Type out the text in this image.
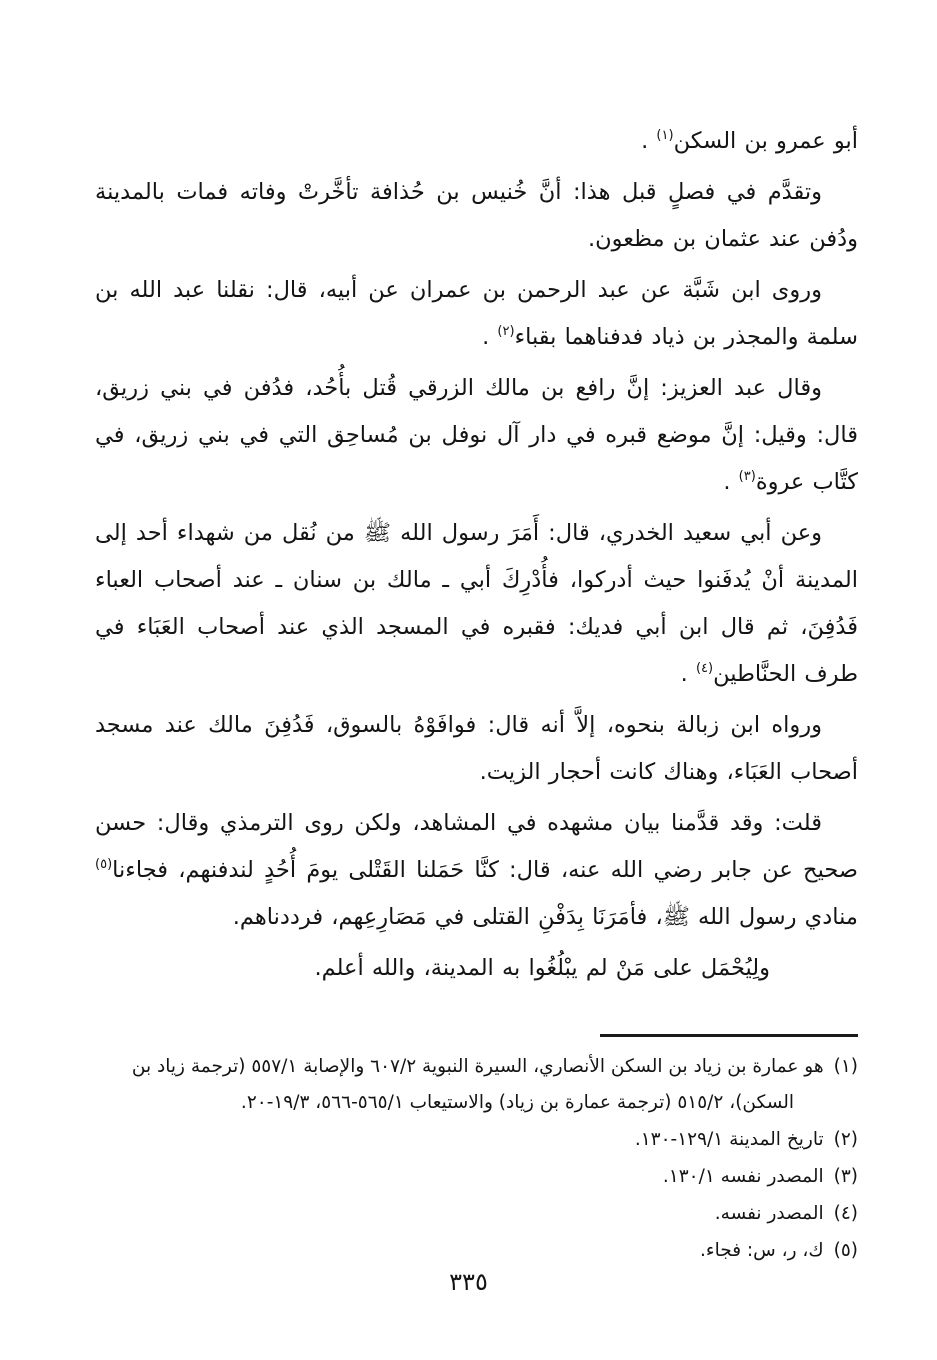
أبو عمرو بن السكن$^{(١)}$ .

وتقدَّم في فصلٍ قبل هذا: أنَّ خُنيس بن حُذافة تأخَّرتْ وفاته فمات بالمدينة ودُفن عند عثمان بن مظعون.

وروى ابن شَبَّة عن عبد الرحمن بن عمران عن أبيه، قال: نقلنا عبد الله بن سلمة والمجذر بن ذياد فدفناهما بقباء$^{(٢)}$ .

وقال عبد العزيز: إنَّ رافع بن مالك الزرقي قُتل بأُحُد، فدُفن في بني زريق، قال: وقيل: إنَّ موضع قبره في دار آل نوفل بن مُساحِق التي في بني زريق، في كتَّاب عروة$^{(٣)}$ .

وعن أبي سعيد الخدري، قال: أَمَرَ رسول الله ﷺ من نُقل من شهداء أحد إلى المدينة أنْ يُدفَنوا حيث أدركوا، فأُدْرِكَ أبي ـ مالك بن سنان ـ عند أصحاب العباء فَدُفِنَ، ثم قال ابن أبي فديك: فقبره في المسجد الذي عند أصحاب العَبَاء في طرف الحنَّاطين$^{(٤)}$ .

ورواه ابن زبالة بنحوه، إلاَّ أنه قال: فوافَوْهُ بالسوق، فَدُفِنَ مالك عند مسجد أصحاب العَبَاء، وهناك كانت أحجار الزيت.

قلت: وقد قدَّمنا بيان مشهده في المشاهد، ولكن روى الترمذي وقال: حسن صحيح عن جابر رضي الله عنه، قال: كنَّا حَمَلنا القَتْلى يومَ أُحُدٍ لندفنهم، فجاءنا$^{(٥)}$ منادي رسول الله ﷺ، فأمَرَنَا بِدَفْنِ القتلى في مَصَارِعِهم، فرددناهم.

ولِيُحْمَل على مَنْ لم يبْلُغُوا به المدينة، والله أعلم.

(١)هو عمارة بن زياد بن السكن الأنصاري، السيرة النبوية ٦٠٧/٢ والإصابة ٥٥٧/١ (ترجمة زياد بن السكن)، ٥١٥/٢ (ترجمة عمارة بن زياد) والاستيعاب ٥٦٥/١-٥٦٦، ١٩/٣-٢٠.
(٢)تاريخ المدينة ١٢٩/١-١٣٠.
(٣)المصدر نفسه ١٣٠/١.
(٤)المصدر نفسه.
(٥)ك، ر، س: فجاء.
٣٣٥
